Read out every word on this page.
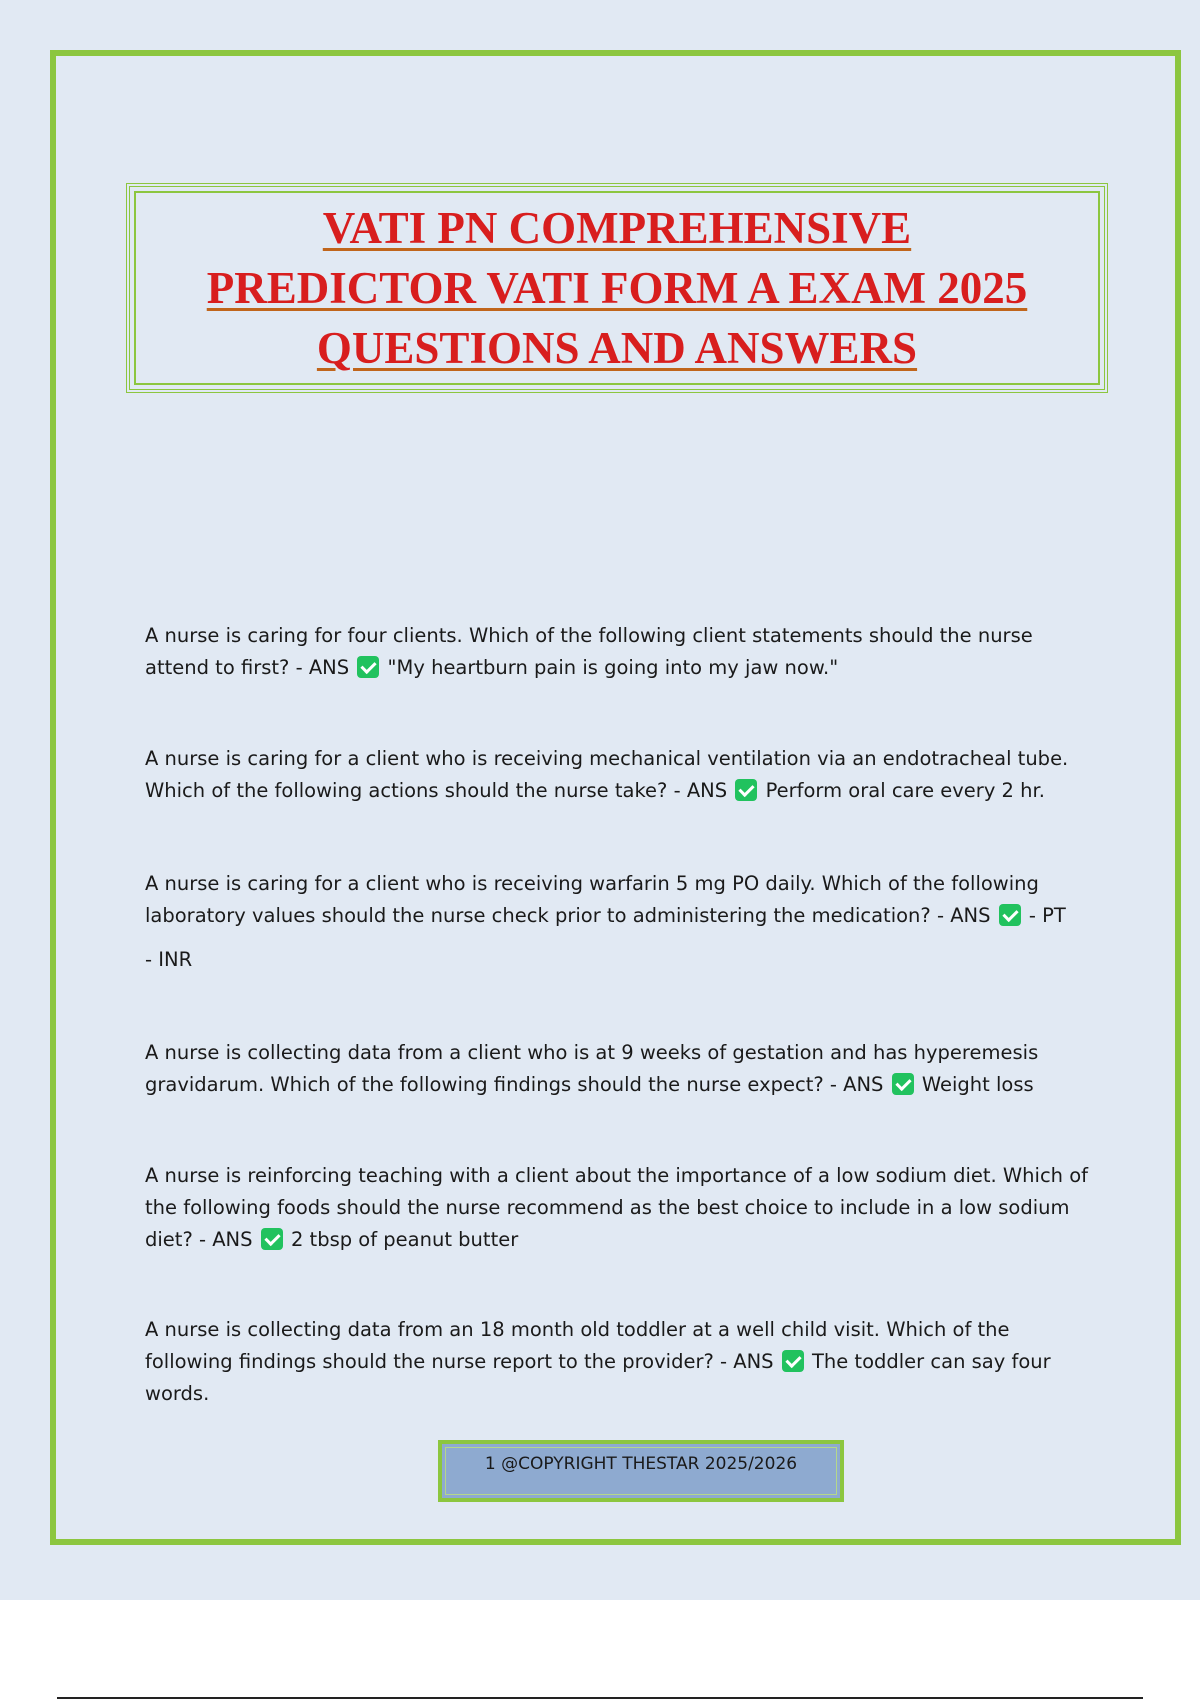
VATI PN COMPREHENSIVE
PREDICTOR VATI FORM A EXAM 2025
QUESTIONS AND ANSWERS
A nurse is caring for four clients. Which of the following client statements should the nurse attend to first? - ANS "My heartburn pain is going into my jaw now."
A nurse is caring for a client who is receiving mechanical ventilation via an endotracheal tube. Which of the following actions should the nurse take? - ANS Perform oral care every 2 hr.
A nurse is caring for a client who is receiving warfarin 5 mg PO daily. Which of the following laboratory values should the nurse check prior to administering the medication? - ANS - PT
- INR
A nurse is collecting data from a client who is at 9 weeks of gestation and has hyperemesis gravidarum. Which of the following findings should the nurse expect? - ANS Weight loss
A nurse is reinforcing teaching with a client about the importance of a low sodium diet. Which of the following foods should the nurse recommend as the best choice to include in a low sodium diet? - ANS 2 tbsp of peanut butter
A nurse is collecting data from an 18 month old toddler at a well child visit. Which of the following findings should the nurse report to the provider? - ANS The toddler can say four words.
1 @COPYRIGHT THESTAR 2025/2026
